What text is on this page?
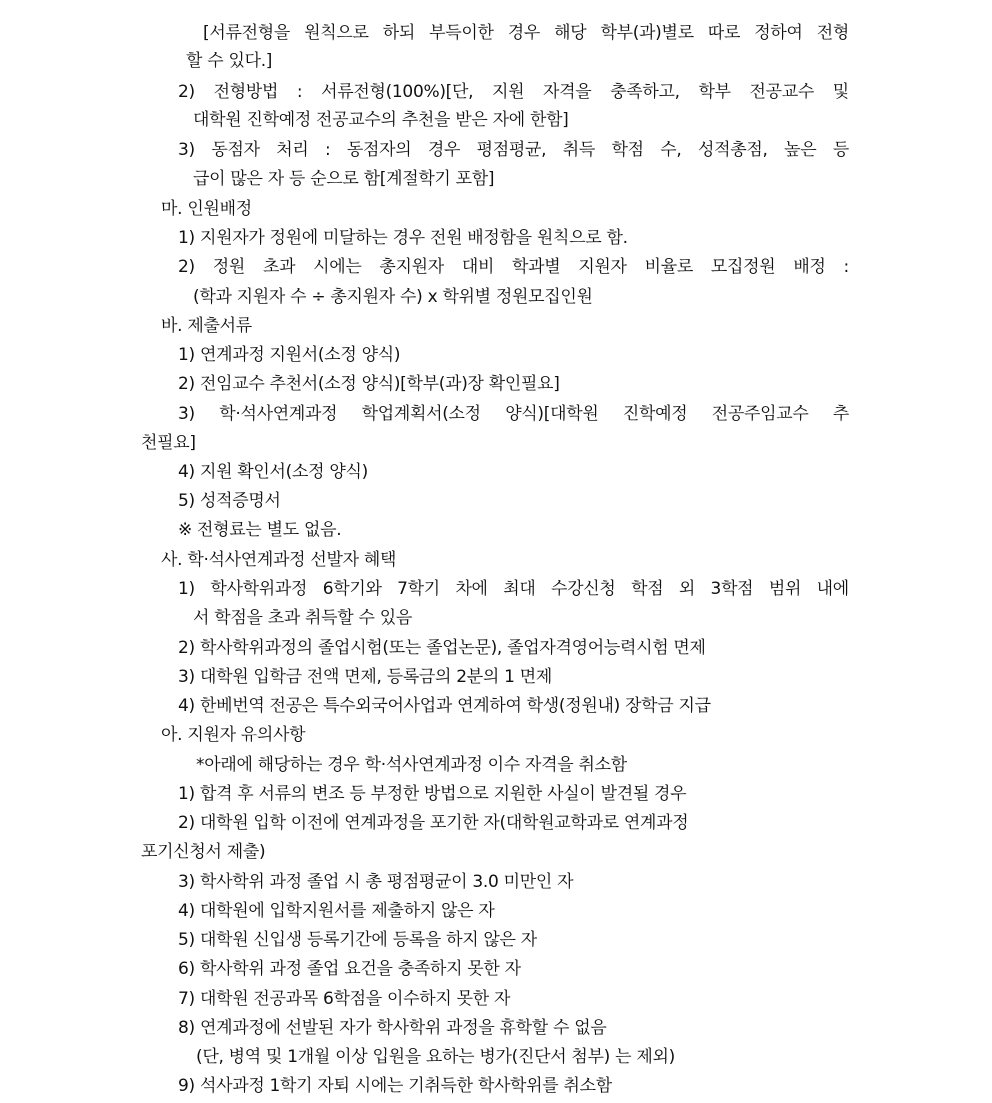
[서류전형을 원칙으로 하되 부득이한 경우 해당 학부(과)별로 따로 정하여 전형
할 수 있다.]
2) 전형방법 : 서류전형(100%)[단, 지원 자격을 충족하고, 학부 전공교수 및
대학원 진학예정 전공교수의 추천을 받은 자에 한함]
3) 동점자 처리 : 동점자의 경우 평점평균, 취득 학점 수, 성적총점, 높은 등
급이 많은 자 등 순으로 함[계절학기 포함]
마. 인원배정
1) 지원자가 정원에 미달하는 경우 전원 배정함을 원칙으로 함.
2) 정원 초과 시에는 총지원자 대비 학과별 지원자 비율로 모집정원 배정 :
(학과 지원자 수 ÷ 총지원자 수) x 학위별 정원모집인원
바. 제출서류
1) 연계과정 지원서(소정 양식)
2) 전임교수 추천서(소정 양식)[학부(과)장 확인필요]
3) 학·석사연계과정 학업계획서(소정 양식)[대학원 진학예정 전공주임교수 추
천필요]
4) 지원 확인서(소정 양식)
5) 성적증명서
※ 전형료는 별도 없음.
사. 학·석사연계과정 선발자 혜택
1) 학사학위과정 6학기와 7학기 차에 최대 수강신청 학점 외 3학점 범위 내에
서 학점을 초과 취득할 수 있음
2) 학사학위과정의 졸업시험(또는 졸업논문), 졸업자격영어능력시험 면제
3) 대학원 입학금 전액 면제, 등록금의 2분의 1 면제
4) 한베번역 전공은 특수외국어사업과 연계하여 학생(정원내) 장학금 지급
아. 지원자 유의사항
*아래에 해당하는 경우 학·석사연계과정 이수 자격을 취소함
1) 합격 후 서류의 변조 등 부정한 방법으로 지원한 사실이 발견될 경우
2) 대학원 입학 이전에 연계과정을 포기한 자(대학원교학과로 연계과정
포기신청서 제출)
3) 학사학위 과정 졸업 시 총 평점평균이 3.0 미만인 자
4) 대학원에 입학지원서를 제출하지 않은 자
5) 대학원 신입생 등록기간에 등록을 하지 않은 자
6) 학사학위 과정 졸업 요건을 충족하지 못한 자
7) 대학원 전공과목 6학점을 이수하지 못한 자
8) 연계과정에 선발된 자가 학사학위 과정을 휴학할 수 없음
(단, 병역 및 1개월 이상 입원을 요하는 병가(진단서 첨부) 는 제외)
9) 석사과정 1학기 자퇴 시에는 기취득한 학사학위를 취소함
